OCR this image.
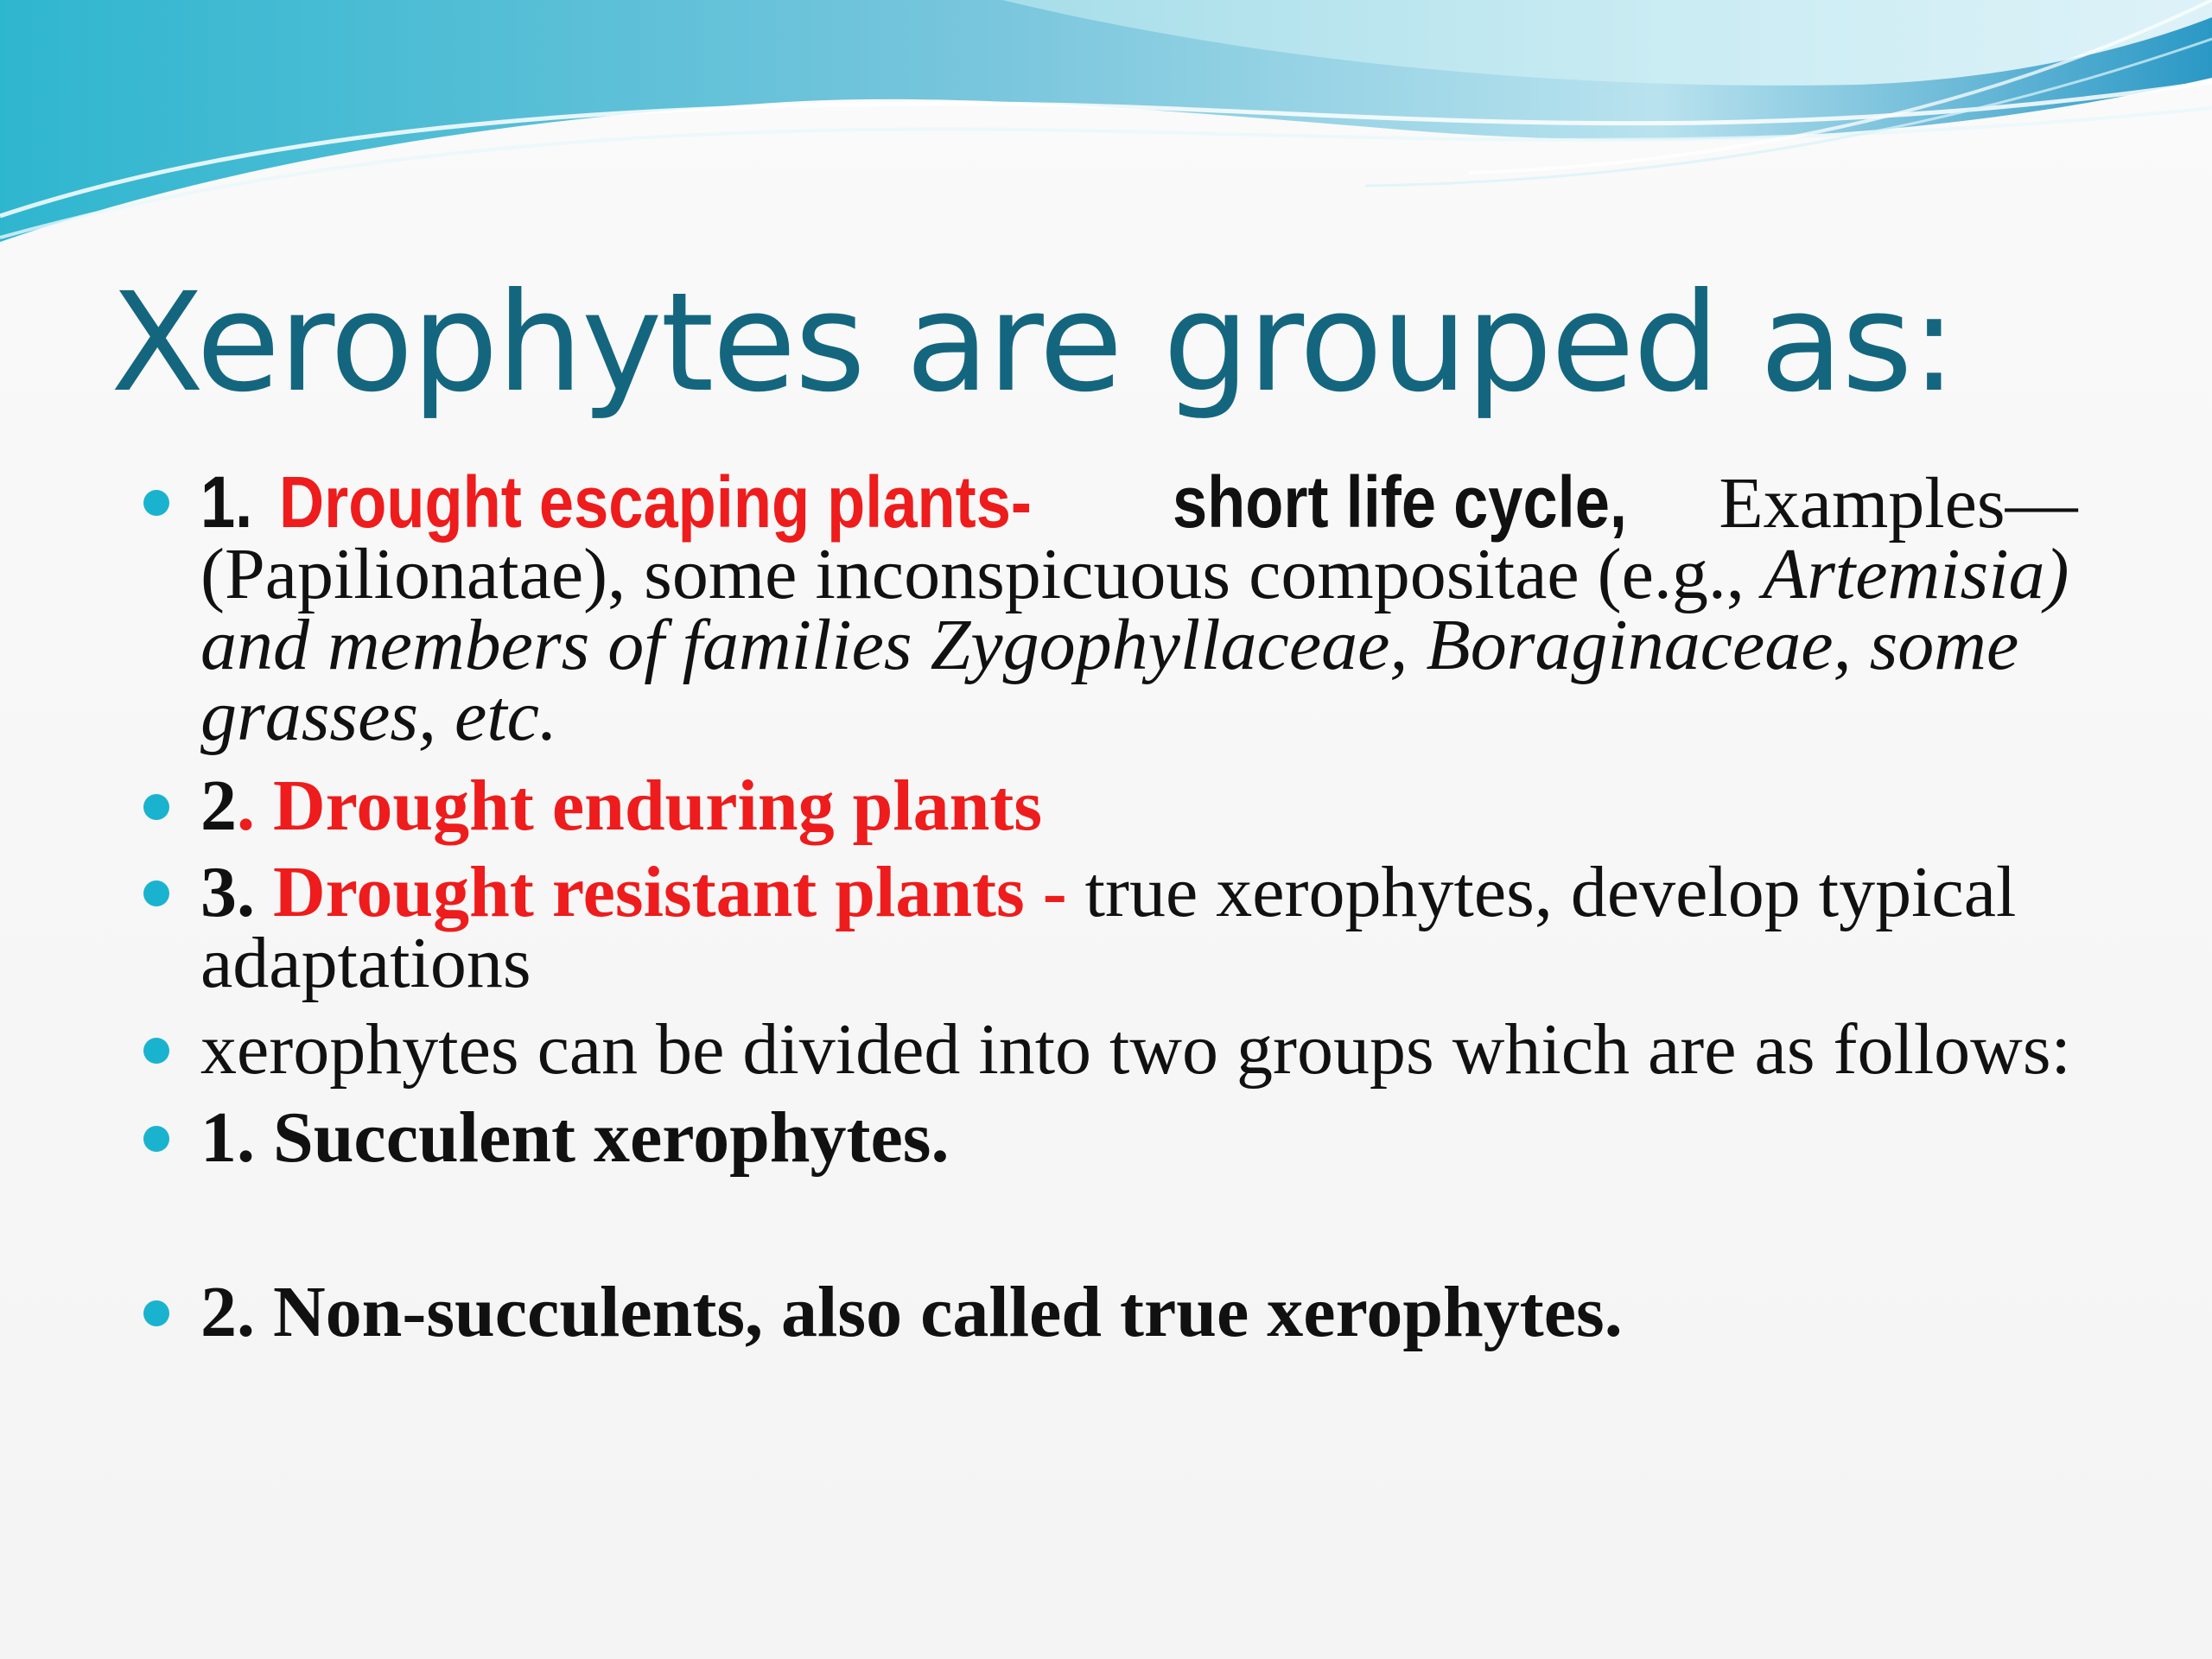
Xerophytes are grouped as:
1. Drought escaping plants- short life cycle, Examples—(Papilionatae), some inconspicuous compositae (e.g., Artemisia) and members of families Zygophyllaceae, Boraginaceae, some grasses, etc.
2. Drought enduring plants
3. Drought resistant plants - true xerophytes, develop typical adaptations
xerophytes can be divided into two groups which are as follows:
1. Succulent xerophytes.
2. Non-succulents, also called true xerophytes.
